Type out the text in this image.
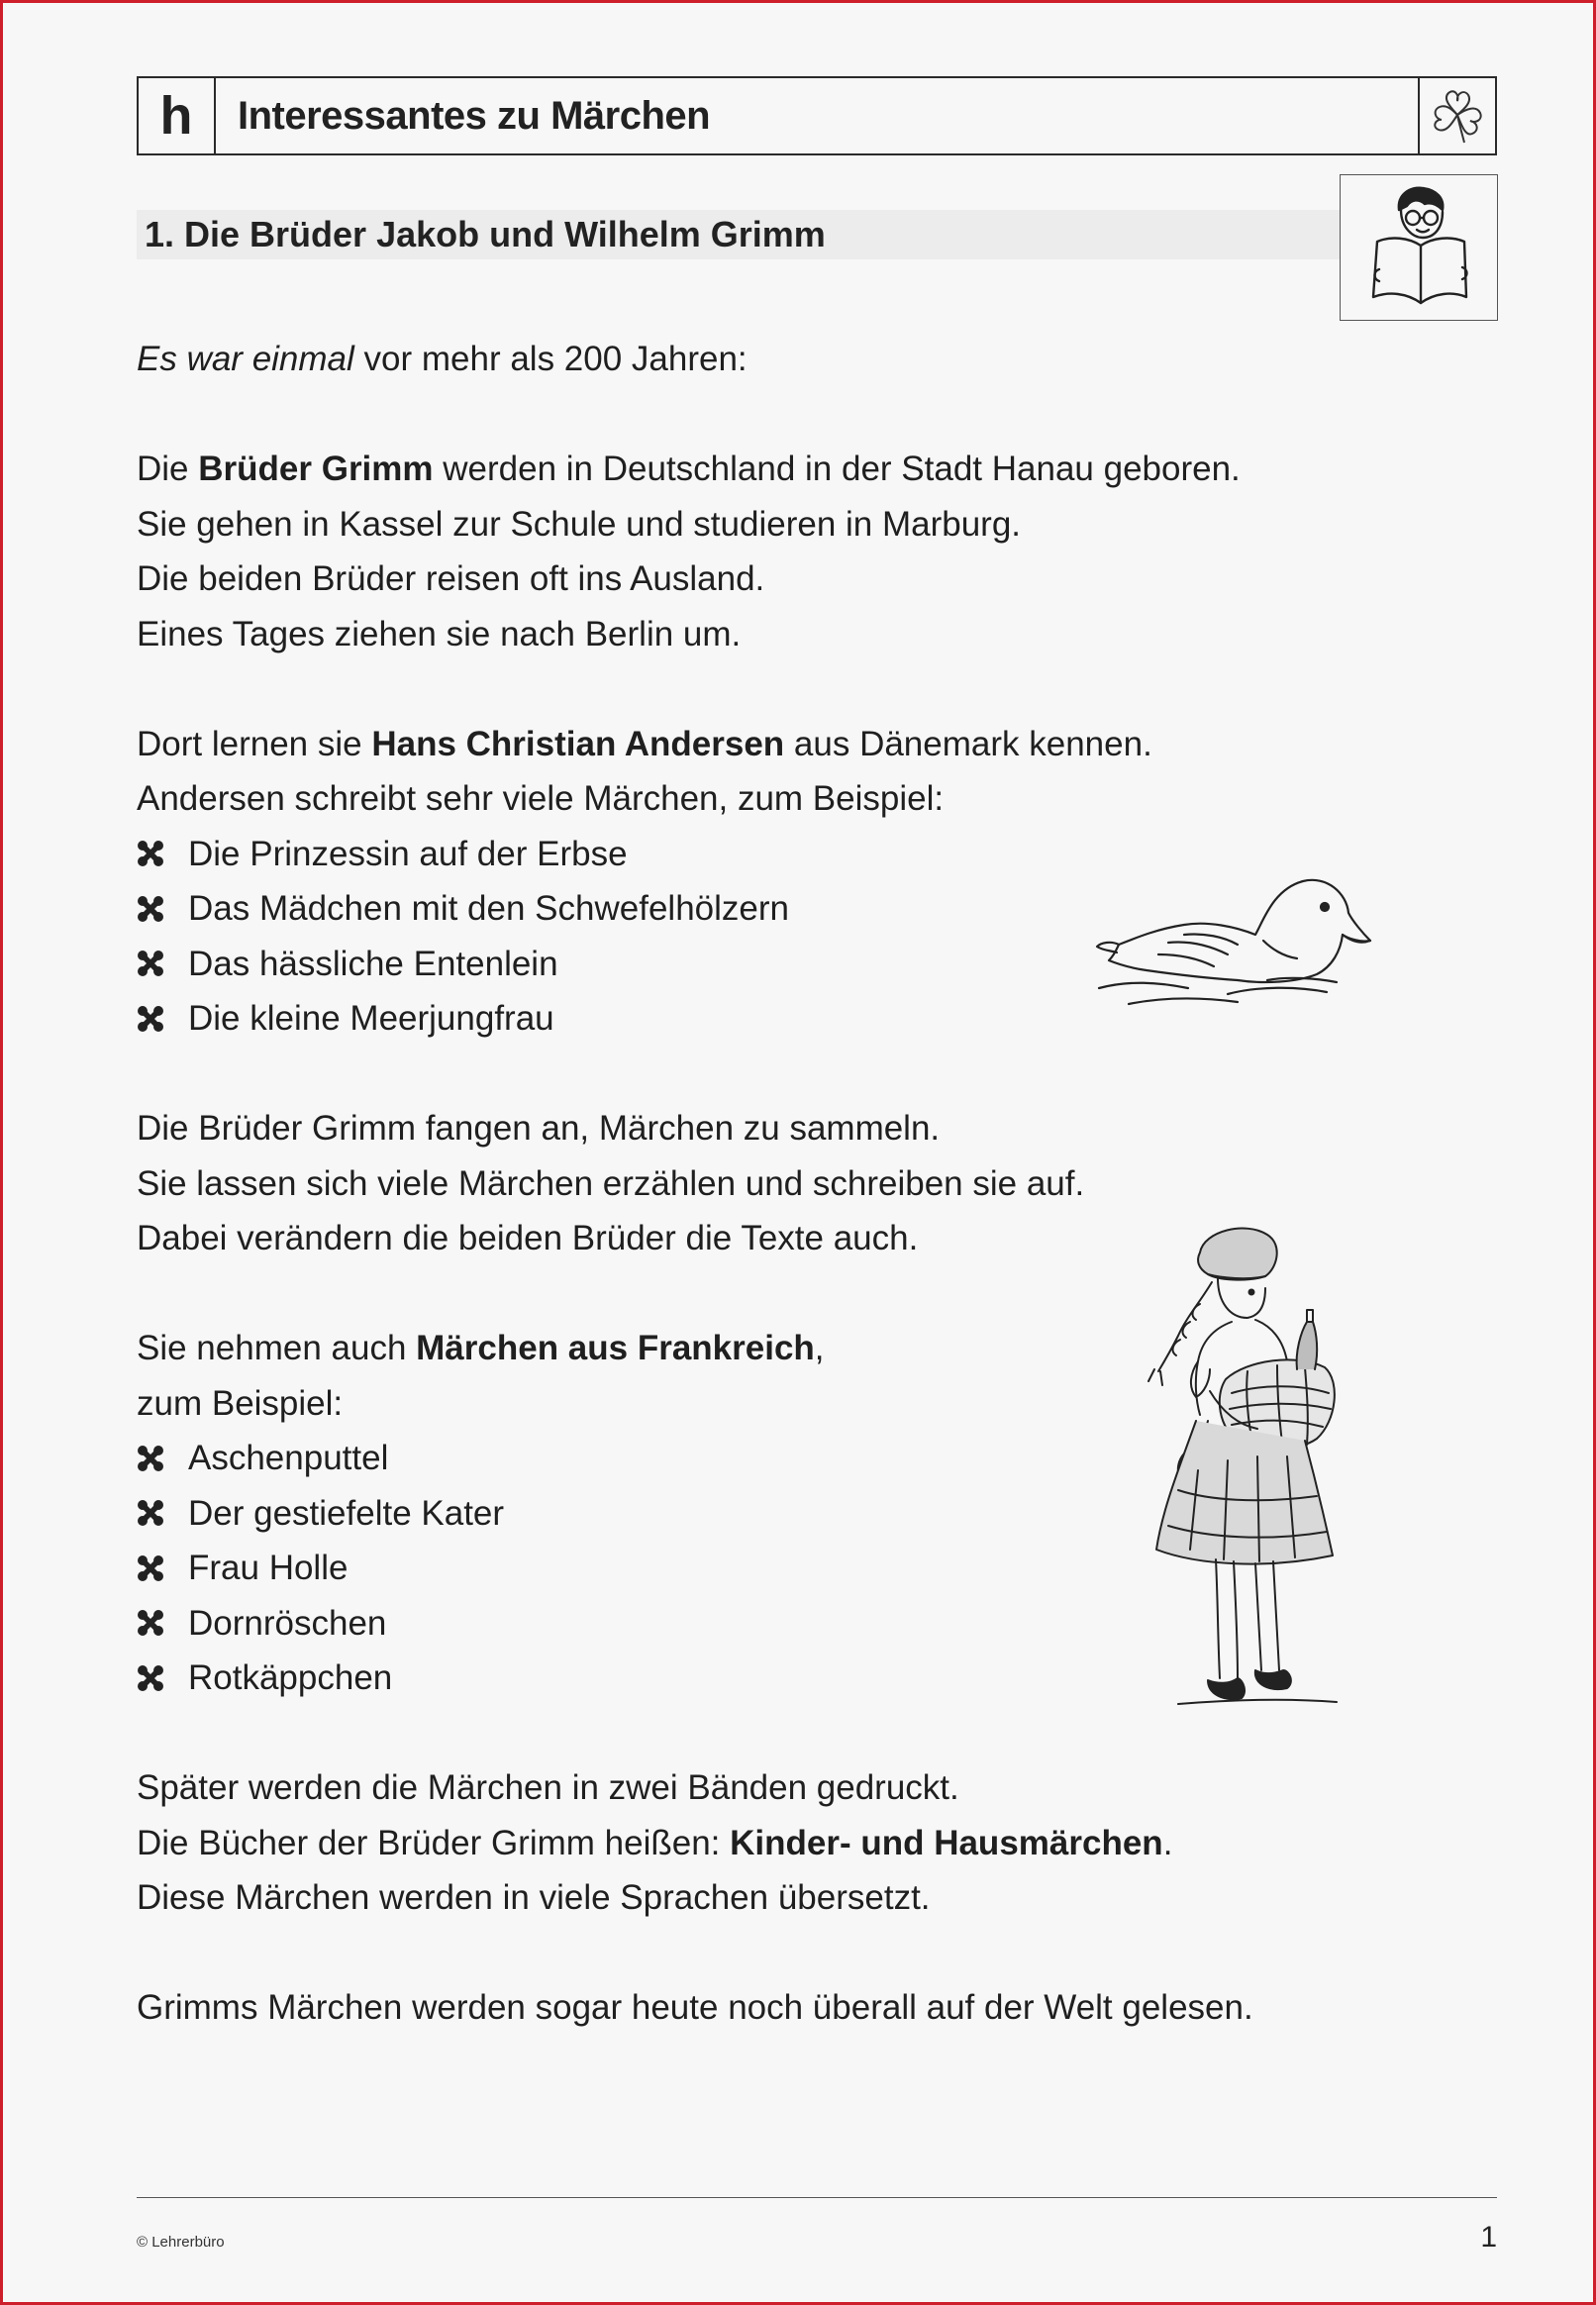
h	Interessantes zu Märchen
1. Die Brüder Jakob und Wilhelm Grimm

Es war einmal vor mehr als 200 Jahren:

Die Brüder Grimm werden in Deutschland in der Stadt Hanau geboren.

Sie gehen in Kassel zur Schule und studieren in Marburg.

Die beiden Brüder reisen oft ins Ausland.

Eines Tages ziehen sie nach Berlin um.

Dort lernen sie Hans Christian Andersen aus Dänemark kennen.

Andersen schreibt sehr viele Märchen, zum Beispiel:

Die Prinzessin auf der Erbse
Das Mädchen mit den Schwefelhölzern
Das hässliche Entenlein
Die kleine Meerjungfrau

Die Brüder Grimm fangen an, Märchen zu sammeln.

Sie lassen sich viele Märchen erzählen und schreiben sie auf.

Dabei verändern die beiden Brüder die Texte auch.

Sie nehmen auch Märchen aus Frankreich,

zum Beispiel:

Aschenputtel
Der gestiefelte Kater
Frau Holle
Dornröschen
Rotkäppchen

Später werden die Märchen in zwei Bänden gedruckt.

Die Bücher der Brüder Grimm heißen: Kinder- und Hausmärchen.

Diese Märchen werden in viele Sprachen übersetzt.

Grimms Märchen werden sogar heute noch überall auf der Welt gelesen.

© Lehrerbüro	1
